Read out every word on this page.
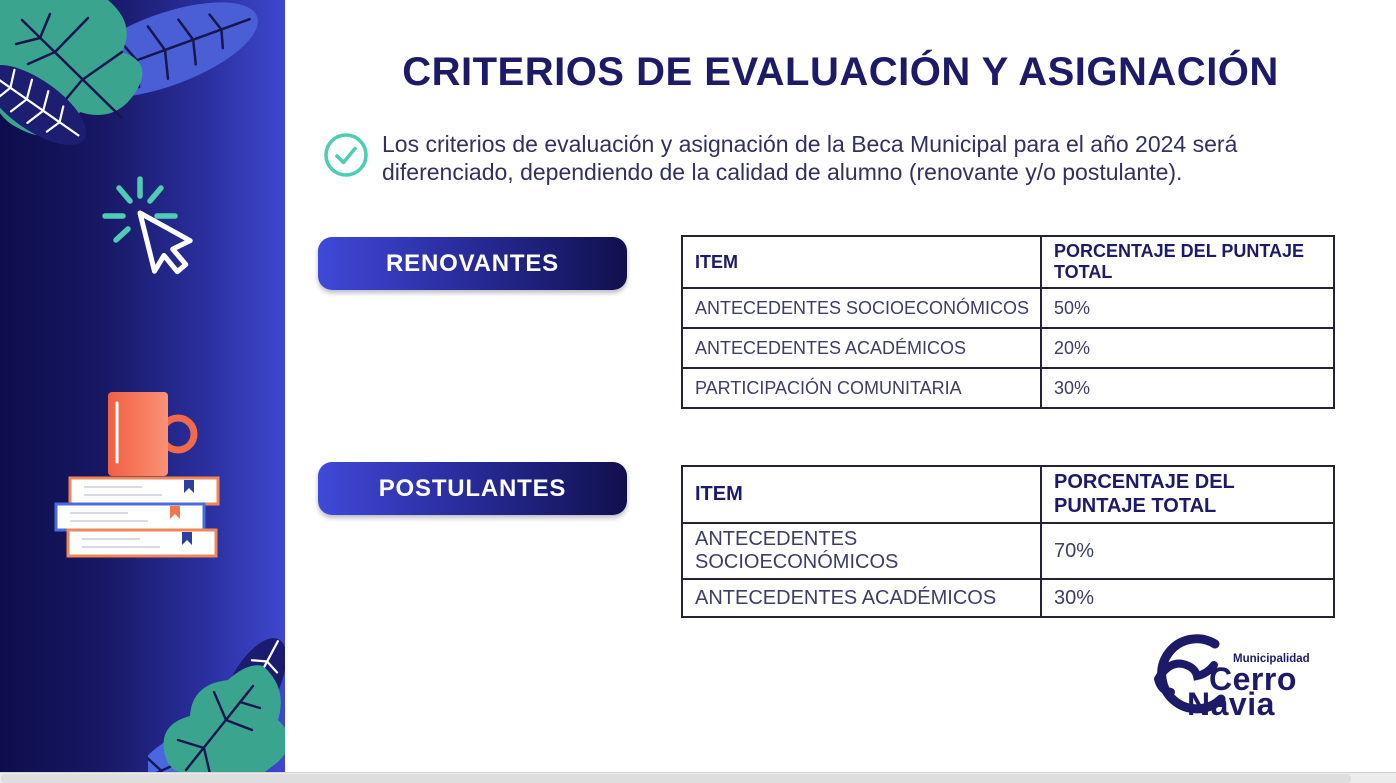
CRITERIOS DE EVALUACIÓN Y ASIGNACIÓN
Los criterios de evaluación y asignación de la Beca Municipal para el año 2024 será diferenciado, dependiendo de la calidad de alumno (renovante y/o postulante).
RENOVANTES	ITEM	PORCENTAJE DEL PUNTAJE TOTAL
ANTECEDENTES SOCIOECONÓMICOS	50%
ANTECEDENTES ACADÉMICOS	20%
PARTICIPACIÓN COMUNITARIA	30%
POSTULANTES	ITEM	PORCENTAJE DEL PUNTAJE TOTAL
ANTECEDENTES SOCIOECONÓMICOS	70%
ANTECEDENTES ACADÉMICOS	30%
Municipalidad
Cerro
Navia
